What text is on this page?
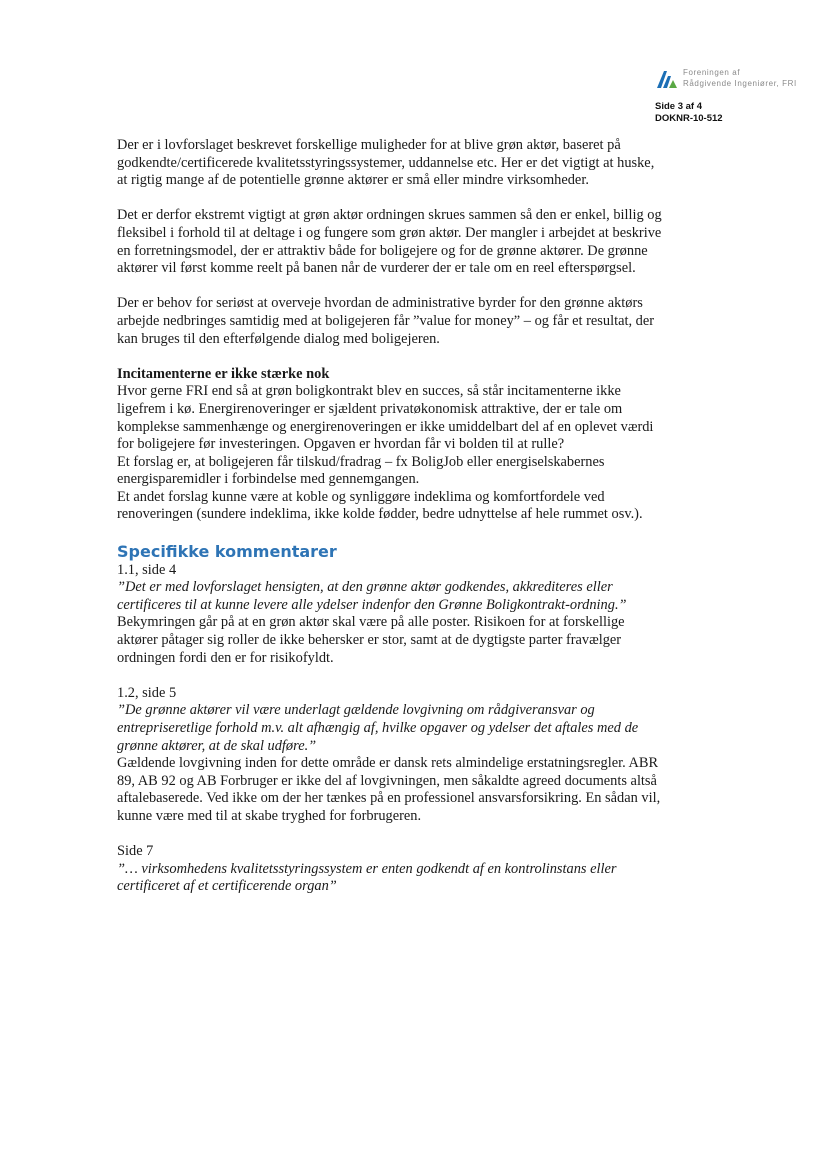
Foreningen af
Rådgivende Ingeniører, FRI
Side 3 af 4
DOKNR-10-512

Der er i lovforslaget beskrevet forskellige muligheder for at blive grøn aktør, baseret på godkendte/certificerede kvalitetsstyringssystemer, uddannelse etc. Her er det vigtigt at huske, at rigtig mange af de potentielle grønne aktører er små eller mindre virksomheder.

Det er derfor ekstremt vigtigt at grøn aktør ordningen skrues sammen så den er enkel, billig og fleksibel i forhold til at deltage i og fungere som grøn aktør. Der mangler i arbejdet at beskrive en forretningsmodel, der er attraktiv både for boligejere og for de grønne aktører. De grønne aktører vil først komme reelt på banen når de vurderer der er tale om en reel efterspørgsel.

Der er behov for seriøst at overveje hvordan de administrative byrder for den grønne aktørs arbejde nedbringes samtidig med at boligejeren får ”value for money” – og får et resultat, der kan bruges til den efterfølgende dialog med boligejeren.

Incitamenterne er ikke stærke nok
Hvor gerne FRI end så at grøn boligkontrakt blev en succes, så står incitamenterne ikke ligefrem i kø. Energirenoveringer er sjældent privatøkonomisk attraktive, der er tale om komplekse sammenhænge og energirenoveringen er ikke umiddelbart del af en oplevet værdi for boligejere før investeringen. Opgaven er hvordan får vi bolden til at rulle?
Et forslag er, at boligejeren får tilskud/fradrag – fx BoligJob eller energiselskabernes energisparemidler i forbindelse med gennemgangen.
Et andet forslag kunne være at koble og synliggøre indeklima og komfortfordele ved renoveringen (sundere indeklima, ikke kolde fødder, bedre udnyttelse af hele rummet osv.).
Specifikke kommentarer
1.1, side 4
”Det er med lovforslaget hensigten, at den grønne aktør godkendes, akkrediteres eller certificeres til at kunne levere alle ydelser indenfor den Grønne Boligkontrakt-ordning.”
Bekymringen går på at en grøn aktør skal være på alle poster. Risikoen for at forskellige aktører påtager sig roller de ikke behersker er stor, samt at de dygtigste parter fravælger ordningen fordi den er for risikofyldt.
1.2, side 5
”De grønne aktører vil være underlagt gældende lovgivning om rådgiveransvar og entrepriseretlige forhold m.v. alt afhængig af, hvilke opgaver og ydelser det aftales med de grønne aktører, at de skal udføre.”
Gældende lovgivning inden for dette område er dansk rets almindelige erstatningsregler. ABR 89, AB 92 og AB Forbruger er ikke del af lovgivningen, men såkaldte agreed documents altså aftalebaserede. Ved ikke om der her tænkes på en professionel ansvarsforsikring. En sådan vil, kunne være med til at skabe tryghed for forbrugeren.
Side 7
”… virksomhedens kvalitetsstyringssystem er enten godkendt af en kontrolinstans eller certificeret af et certificerende organ”
